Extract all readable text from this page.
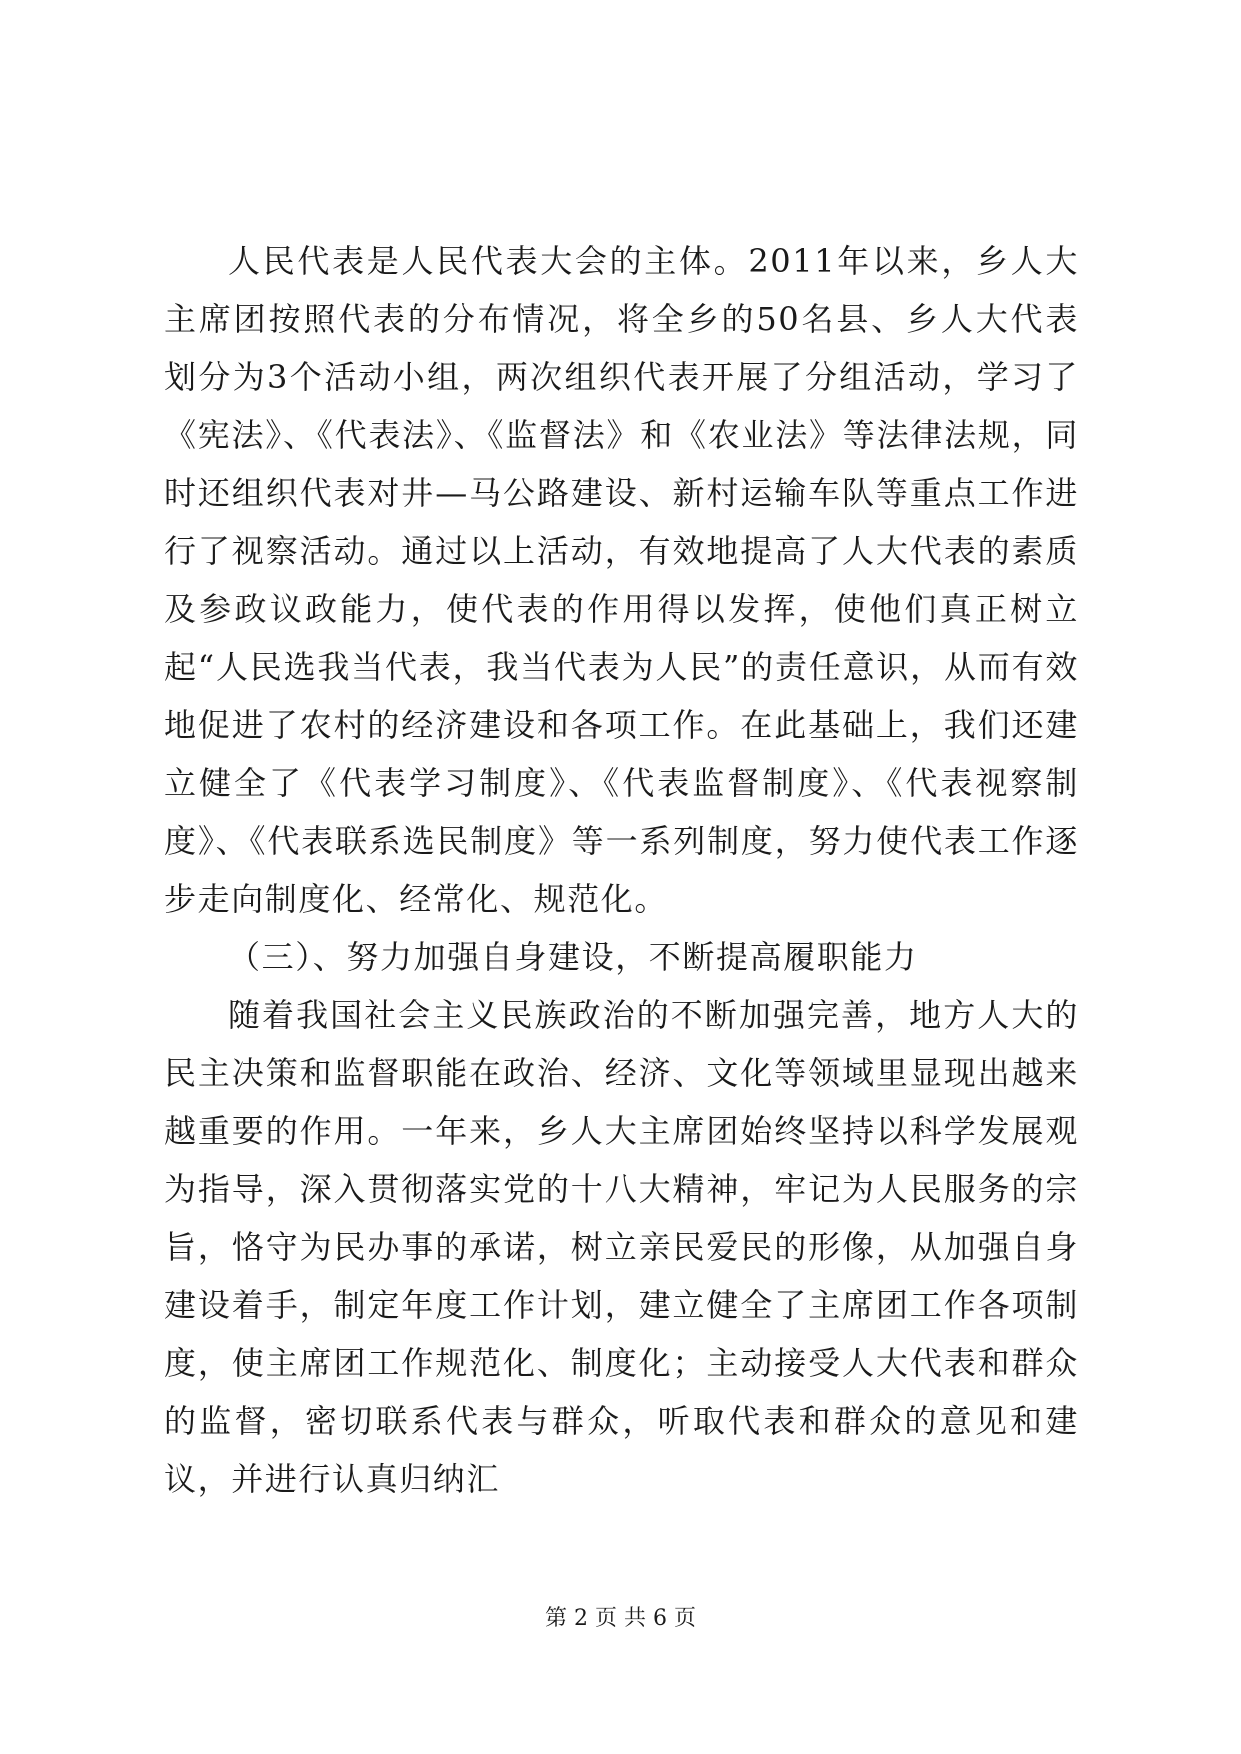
人民代表是人民代表大会的主体。2011年以来，乡人大主席团按照代表的分布情况，将全乡的50名县、乡人大代表划分为3个活动小组，两次组织代表开展了分组活动，学习了《宪法》、《代表法》、《监督法》和《农业法》等法律法规，同时还组织代表对井—马公路建设、新村运输车队等重点工作进行了视察活动。通过以上活动，有效地提高了人大代表的素质及参政议政能力，使代表的作用得以发挥，使他们真正树立起“人民选我当代表，我当代表为人民”的责任意识，从而有效地促进了农村的经济建设和各项工作。在此基础上，我们还建立健全了《代表学习制度》、《代表监督制度》、《代表视察制度》、《代表联系选民制度》等一系列制度，努力使代表工作逐步走向制度化、经常化、规范化。

（三）、努力加强自身建设，不断提高履职能力

随着我国社会主义民族政治的不断加强完善，地方人大的民主决策和监督职能在政治、经济、文化等领域里显现出越来越重要的作用。一年来，乡人大主席团始终坚持以科学发展观为指导，深入贯彻落实党的十八大精神，牢记为人民服务的宗旨，恪守为民办事的承诺，树立亲民爱民的形像，从加强自身建设着手，制定年度工作计划，建立健全了主席团工作各项制度，使主席团工作规范化、制度化；主动接受人大代表和群众的监督，密切联系代表与群众，听取代表和群众的意见和建议，并进行认真归纳汇

第 2 页 共 6 页
